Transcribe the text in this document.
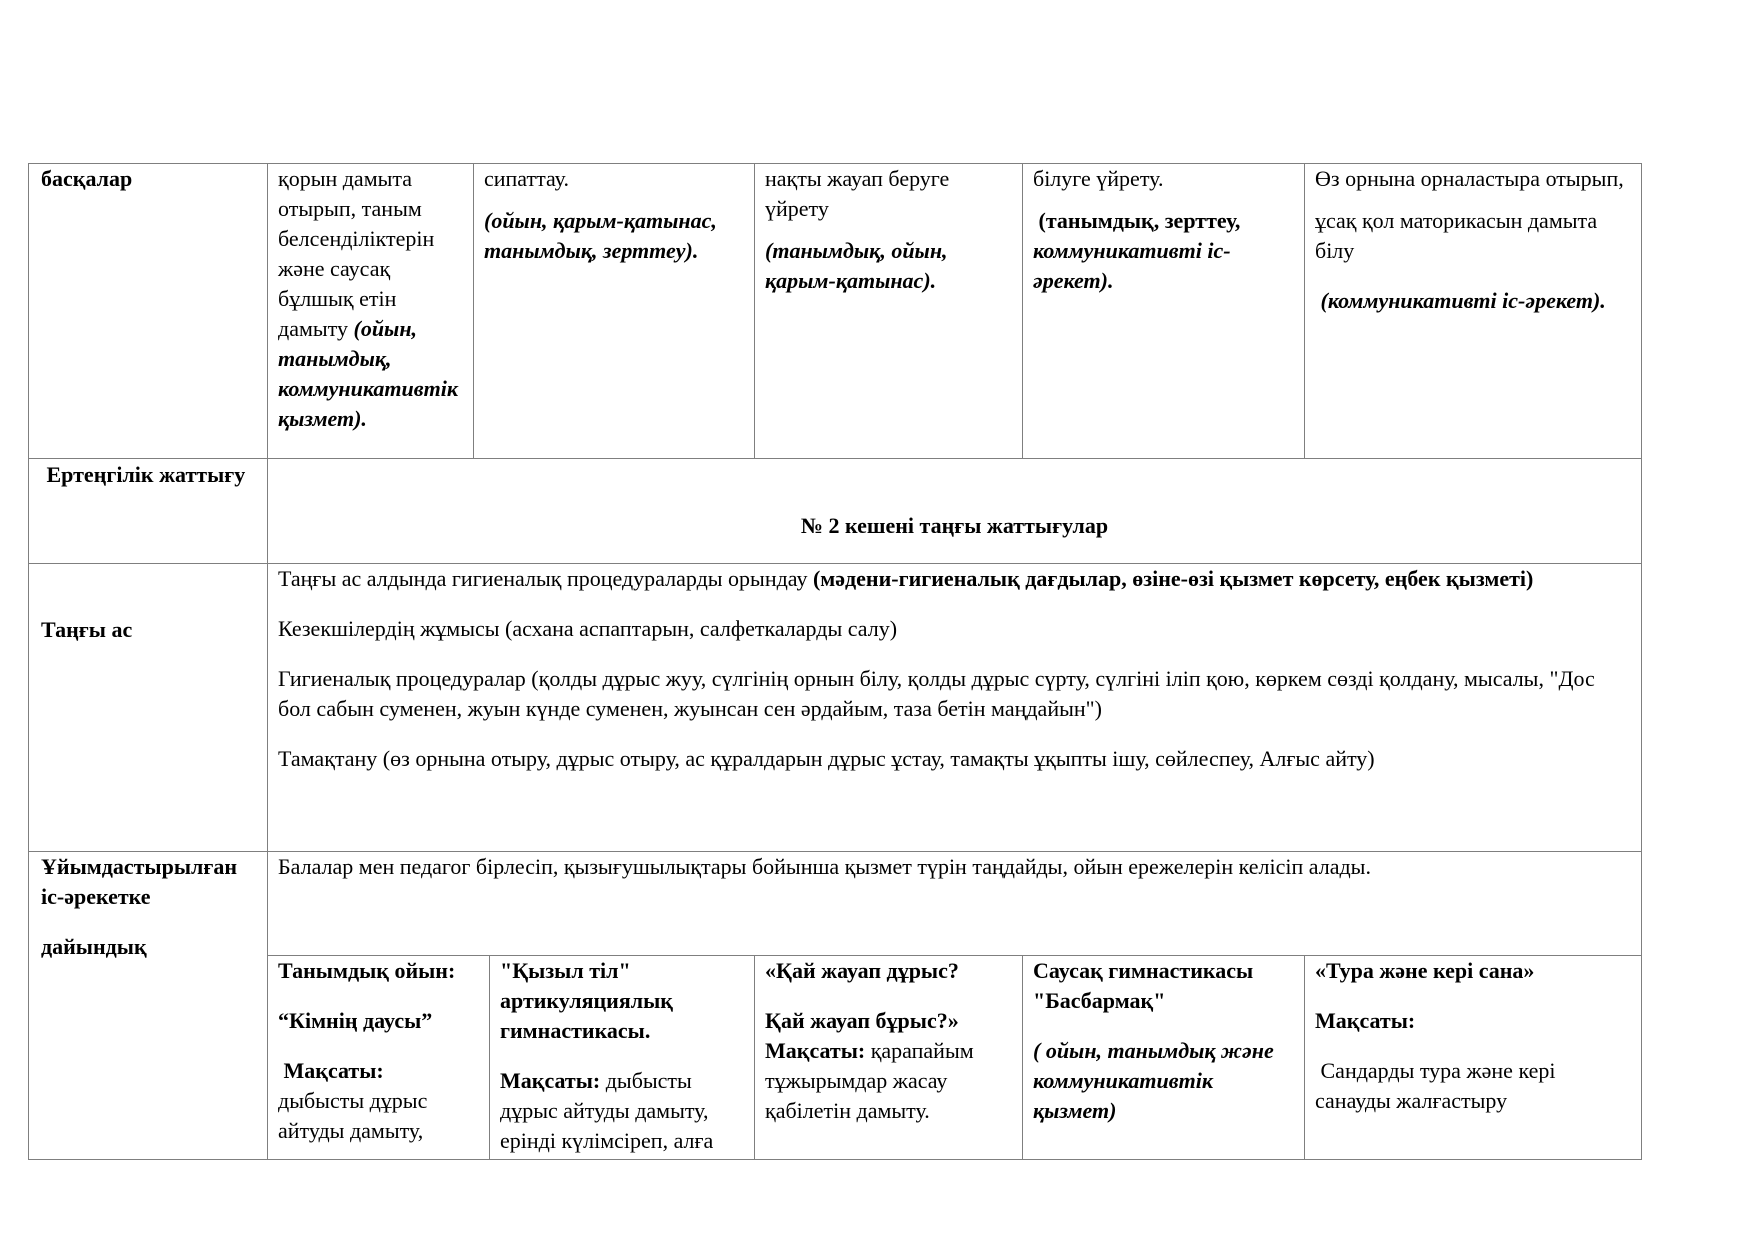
басқалар	қорын дамыта отырып, таным белсенділіктерін және саусақ бұлшық етін дамыту (ойын, танымдық, коммуникативтік қызмет).

сипаттау.

(ойын, қарым-қатынас, танымдық, зерттеу).

нақты жауап беруге үйрету

(танымдық, ойын, қарым-қатынас).

білуге үйрету.

(танымдық, зерттеу, коммуникативті іс-әрекет).

Өз орнына орналастыра отырып,

ұсақ қол маторикасын дамыта білу

(коммуникативті іс-әрекет).

Ертеңгілік жаттығу

№ 2 кешені таңғы жаттығулар

Таңғы ас

Таңғы ас алдында гигиеналық процедураларды орындау (мәдени-гигиеналық дағдылар, өзіне-өзі қызмет көрсету, еңбек қызметі)

Кезекшілердің жұмысы (асхана аспаптарын, салфеткаларды салу)

Гигиеналық процедуралар (қолды дұрыс жуу, сүлгінің орнын білу, қолды дұрыс сүрту, сүлгіні іліп қою, көркем сөзді қолдану, мысалы, "Дос бол сабын суменен, жуын күнде суменен, жуынсан сен әрдайым, таза бетін маңдайын")

Тамақтану (өз орнына отыру, дұрыс отыру, ас құралдарын дұрыс ұстау, тамақты ұқыпты ішу, сөйлеспеу, Алғыс айту)

Ұйымдастырылған іс-әрекетке

дайындық

Балалар мен педагог бірлесіп, қызығушылықтары бойынша қызмет түрін таңдайды, ойын ережелерін келісіп алады.

Танымдық ойын:

“Кімнің даусы”

Мақсаты:

дыбысты дұрыс айтуды дамыту,

"Қызыл тіл" артикуляциялық гимнастикасы.

Мақсаты: дыбысты дұрыс айтуды дамыту, ерінді күлімсіреп, алға

«Қай жауап дұрыс?

Қай жауап бұрыс?»

Мақсаты: қарапайым тұжырымдар жасау қабілетін дамыту.

Саусақ гимнастикасы "Басбармақ"

( ойын, танымдық және коммуникативтік қызмет)

«Тура және кері сана»

Мақсаты:

Сандарды тура және кері санауды жалғастыру
